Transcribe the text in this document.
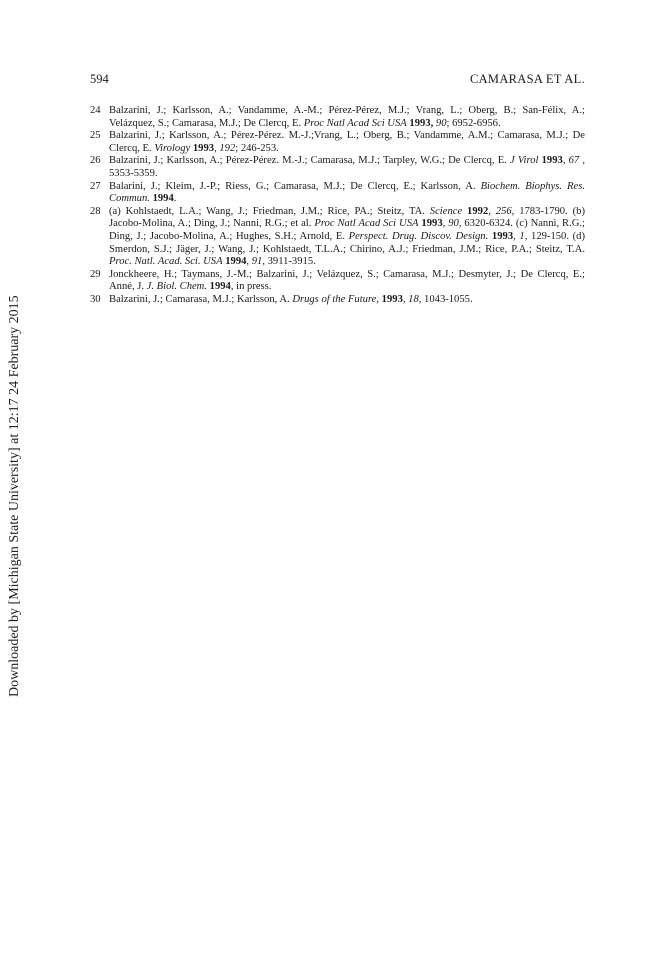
Downloaded by [Michigan State University] at 12:17 24 February 2015
594	CAMARASA ET AL.
24 Balzarini, J.; Karlsson, A.; Vandamme, A.-M.; Pérez-Pérez, M.J.; Vrang, L.; Oberg, B.; San-Félix, A.; Velázquez, S.; Camarasa, M.J.; De Clercq, E. Proc Natl Acad Sci USA 1993, 90; 6952-6956.
25 Balzarini, J.; Karlsson, A.; Pérez-Pérez. M.-J.;Vrang, L.; Oberg, B.; Vandamme, A.M.; Camarasa, M.J.; De Clercq, E. Virology 1993, 192; 246-253.
26 Balzarini, J.; Karlsson, A.; Pérez-Pérez. M.-J.; Camarasa, M.J.; Tarpley, W.G.; De Clercq, E. J Virol 1993, 67 , 5353-5359.
27 Balarini, J.; Kleim, J.-P.; Riess, G.; Camarasa, M.J.; De Clercq, E.; Karlsson, A. Biochem. Biophys. Res. Commun. 1994.
28 (a) Kohlstaedt, L.A.; Wang, J.; Friedman, J.M.; Rice, PA.; Steitz, TA. Science 1992, 256, 1783-1790. (b) Jacobo-Molina, A.; Ding, J.; Nanni, R.G.; et al. Proc Natl Acad Sci USA 1993, 90, 6320-6324. (c) Nanni, R.G.; Ding, J.; Jacobo-Molina, A.; Hughes, S.H.; Arnold, E. Perspect. Drug. Discov. Design. 1993, 1, 129-150. (d) Smerdon, S.J.; Jäger, J.; Wang, J.; Kohlstaedt, T.L.A.; Chirino, A.J.; Friedman, J.M.; Rice, P.A.; Steitz, T.A. Proc. Natl. Acad. Sci. USA 1994, 91, 3911-3915.
29 Jonckheere, H.; Taymans, J.-M.; Balzarini, J.; Velázquez, S.; Camarasa, M.J.; Desmyter, J.; De Clercq, E.; Anné, J. J. Biol. Chem. 1994, in press.
30 Balzarini, J.; Camarasa, M.J.; Karlsson, A. Drugs of the Future, 1993, 18, 1043-1055.
